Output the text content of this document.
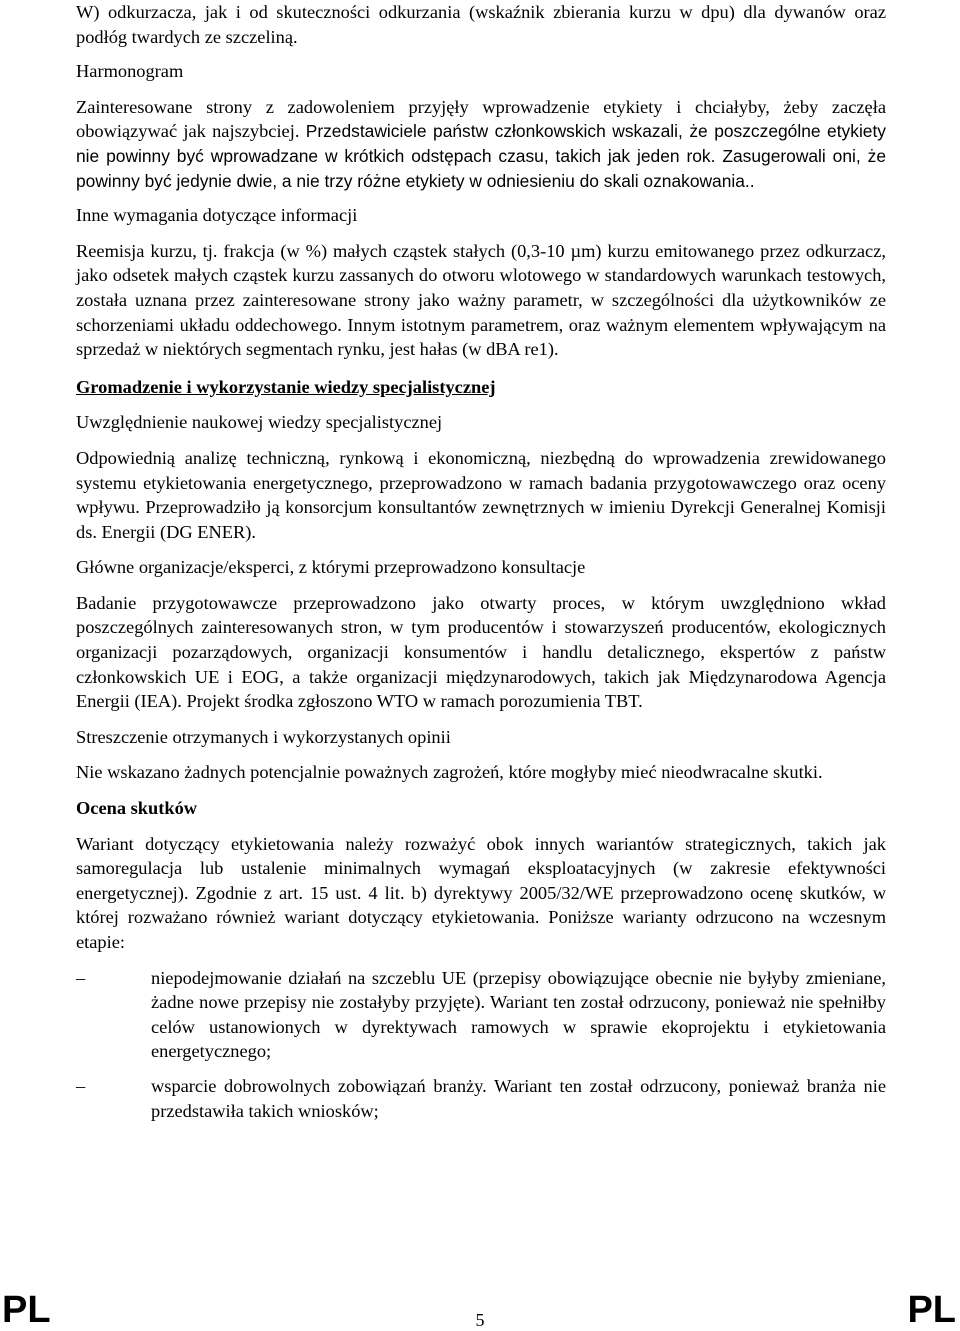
W) odkurzacza, jak i od skuteczności odkurzania (wskaźnik zbierania kurzu w dpu) dla dywanów oraz podłóg twardych ze szczeliną.

Harmonogram

Zainteresowane strony z zadowoleniem przyjęły wprowadzenie etykiety i chciałyby, żeby zaczęła obowiązywać jak najszybciej. Przedstawiciele państw członkowskich wskazali, że poszczególne etykiety nie powinny być wprowadzane w krótkich odstępach czasu, takich jak jeden rok. Zasugerowali oni, że powinny być jedynie dwie, a nie trzy różne etykiety w odniesieniu do skali oznakowania..

Inne wymagania dotyczące informacji

Reemisja kurzu, tj. frakcja (w %) małych cząstek stałych (0,3-10 µm) kurzu emitowanego przez odkurzacz, jako odsetek małych cząstek kurzu zassanych do otworu wlotowego w standardowych warunkach testowych, została uznana przez zainteresowane strony jako ważny parametr, w szczególności dla użytkowników ze schorzeniami układu oddechowego. Innym istotnym parametrem, oraz ważnym elementem wpływającym na sprzedaż w niektórych segmentach rynku, jest hałas (w dBA re1).

Gromadzenie i wykorzystanie wiedzy specjalistycznej

Uwzględnienie naukowej wiedzy specjalistycznej

Odpowiednią analizę techniczną, rynkową i ekonomiczną, niezbędną do wprowadzenia zrewidowanego systemu etykietowania energetycznego, przeprowadzono w ramach badania przygotowawczego oraz oceny wpływu. Przeprowadziło ją konsorcjum konsultantów zewnętrznych w imieniu Dyrekcji Generalnej Komisji ds. Energii (DG ENER).

Główne organizacje/eksperci, z którymi przeprowadzono konsultacje

Badanie przygotowawcze przeprowadzono jako otwarty proces, w którym uwzględniono wkład poszczególnych zainteresowanych stron, w tym producentów i stowarzyszeń producentów, ekologicznych organizacji pozarządowych, organizacji konsumentów i handlu detalicznego, ekspertów z państw członkowskich UE i EOG, a także organizacji międzynarodowych, takich jak Międzynarodowa Agencja Energii (IEA). Projekt środka zgłoszono WTO w ramach porozumienia TBT.

Streszczenie otrzymanych i wykorzystanych opinii

Nie wskazano żadnych potencjalnie poważnych zagrożeń, które mogłyby mieć nieodwracalne skutki.

Ocena skutków

Wariant dotyczący etykietowania należy rozważyć obok innych wariantów strategicznych, takich jak samoregulacja lub ustalenie minimalnych wymagań eksploatacyjnych (w zakresie efektywności energetycznej). Zgodnie z art. 15 ust. 4 lit. b) dyrektywy 2005/32/WE przeprowadzono ocenę skutków, w której rozważano również wariant dotyczący etykietowania. Poniższe warianty odrzucono na wczesnym etapie:

–	niepodejmowanie działań na szczeblu UE (przepisy obowiązujące obecnie nie byłyby zmieniane, żadne nowe przepisy nie zostałyby przyjęte). Wariant ten został odrzucony, ponieważ nie spełniłby celów ustanowionych w dyrektywach ramowych w sprawie ekoprojektu i etykietowania energetycznego;
–	wsparcie dobrowolnych zobowiązań branży. Wariant ten został odrzucony, ponieważ branża nie przedstawiła takich wniosków;
PL	5	PL
